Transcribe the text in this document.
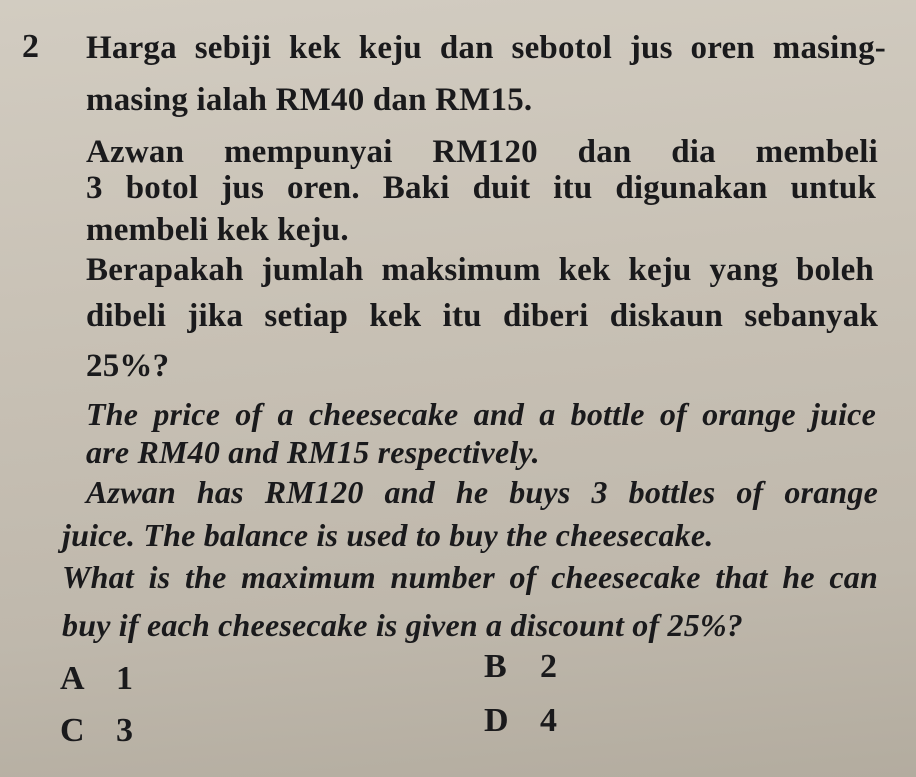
2 Harga sebiji kek keju dan sebotol jus oren masing-
masing ialah RM40 dan RM15.
Azwan mempunyai RM120 dan dia membeli
3 botol jus oren. Baki duit itu digunakan untuk
membeli kek keju.
Berapakah jumlah maksimum kek keju yang boleh
dibeli jika setiap kek itu diberi diskaun sebanyak
25%?
The price of a cheesecake and a bottle of orange juice
are RM40 and RM15 respectively.
Azwan has RM120 and he buys 3 bottles of orange
juice. The balance is used to buy the cheesecake.
What is the maximum number of cheesecake that he can
buy if each cheesecake is given a discount of 25%?
A 1	B 2
C 3	D 4
